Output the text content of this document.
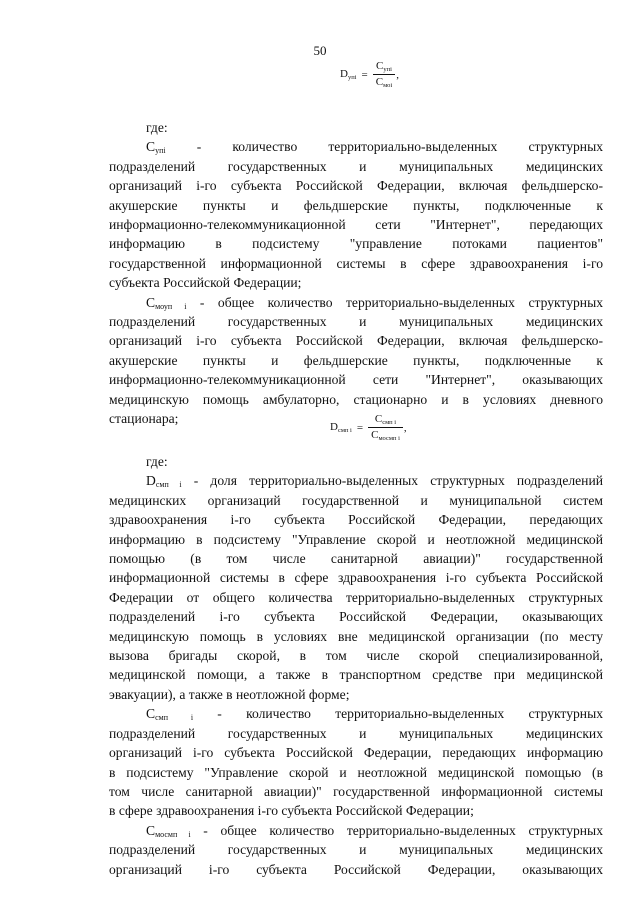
50
$D_{упi} = \frac{C_{упi}}{C_{моi}}$ ,

где:

$C_{упi}$ - количество территориально-выделенных структурных

подразделений государственных и муниципальных медицинских

организаций i-го субъекта Российской Федерации, включая фельдшерско-

акушерские пункты и фельдшерские пункты, подключенные к

информационно-телекоммуникационной сети "Интернет", передающих

информацию в подсистему "управление потоками пациентов"

государственной информационной системы в сфере здравоохранения i-го

субъекта Российской Федерации;

$C_{моуп i}$ - общее количество территориально-выделенных структурных

подразделений государственных и муниципальных медицинских

организаций i-го субъекта Российской Федерации, включая фельдшерско-

акушерские пункты и фельдшерские пункты, подключенные к

информационно-телекоммуникационной сети "Интернет", оказывающих

медицинскую помощь амбулаторно, стационарно и в условиях дневного

стационара;

$D_{смп i} = \frac{C_{смп i}}{C_{мосмп i}}$ ,

где:

$D_{смп i}$ - доля территориально-выделенных структурных подразделений

медицинских организаций государственной и муниципальной систем

здравоохранения i-го субъекта Российской Федерации, передающих

информацию в подсистему "Управление скорой и неотложной медицинской

помощью (в том числе санитарной авиации)" государственной

информационной системы в сфере здравоохранения i-го субъекта Российской

Федерации от общего количества территориально-выделенных структурных

подразделений i-го субъекта Российской Федерации, оказывающих

медицинскую помощь в условиях вне медицинской организации (по месту

вызова бригады скорой, в том числе скорой специализированной,

медицинской помощи, а также в транспортном средстве при медицинской

эвакуации), а также в неотложной форме;

$C_{смп i}$ - количество территориально-выделенных структурных

подразделений государственных и муниципальных медицинских

организаций i-го субъекта Российской Федерации, передающих информацию

в подсистему "Управление скорой и неотложной медицинской помощью (в

том числе санитарной авиации)" государственной информационной системы

в сфере здравоохранения i-го субъекта Российской Федерации;

$C_{мосмп i}$ - общее количество территориально-выделенных структурных

подразделений государственных и муниципальных медицинских

организаций i-го субъекта Российской Федерации, оказывающих
